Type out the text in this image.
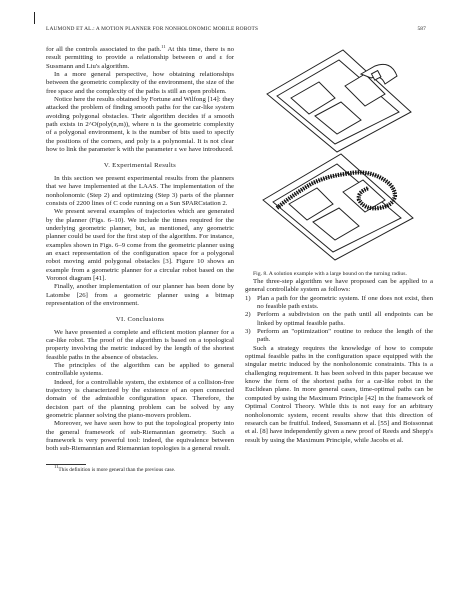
LAUMOND ET AL.: A MOTION PLANNER FOR NONHOLONOMIC MOBILE ROBOTS	587

for all the controls associated to the path.$^{11}$ At this time, there is no result permitting to provide a relationship between σ and ε for Sussmann and Liu's algorithm.

In a more general perspective, how obtaining relationships between the geometric complexity of the environment, the size of the free space and the complexity of the paths is still an open problem.

Notice here the results obtained by Fortune and Wilfong [14]: they attacked the problem of finding smooth paths for the car-like system avoiding polygonal obstacles. Their algorithm decides if a smooth path exists in 2^O(poly(n,m)), where n is the geometric complexity of a polygonal environment, k is the number of bits used to specify the positions of the corners, and poly is a polynomial. It is not clear how to link the parameter k with the parameter ε we have introduced.

V. Experimental Results

In this section we present experimental results from the planners that we have implemented at the LAAS. The implementation of the nonholonomic (Step 2) and optimizing (Step 3) parts of the planner consists of 2200 lines of C code running on a Sun SPARCstation 2.

We present several examples of trajectories which are generated by the planner (Figs. 6–10). We include the times required for the underlying geometric planner, but, as mentioned, any geometric planner could be used for the first step of the algorithm. For instance, examples shown in Figs. 6–9 come from the geometric planner using an exact representation of the configuration space for a polygonal robot moving amid polygonal obstacles [3]. Figure 10 shows an example from a geometric planner for a circular robot based on the Voronoi diagram [41].

Finally, another implementation of our planner has been done by Latombe [26] from a geometric planner using a bitmap representation of the environment.

VI. Conclusions

We have presented a complete and efficient motion planner for a car-like robot. The proof of the algorithm is based on a topological property involving the metric induced by the length of the shortest feasible paths in the absence of obstacles.

The principles of the algorithm can be applied to general controllable systems.

Indeed, for a controllable system, the existence of a collision-free trajectory is characterized by the existence of an open connected domain of the admissible configuration space. Therefore, the decision part of the planning problem can be solved by any geometric planner solving the piano-movers problem.

Moreover, we have seen how to put the topological property into the general framework of sub-Riemannian geometry. Such a framework is very powerful tool: indeed, the equivalence between both sub-Riemannian and Riemannian topologies is a general result.

$^{11}$This definition is more general than the previous case.

Fig. 8. A solution example with a large bound on the turning radius.

The three-step algorithm we have proposed can be applied to a general controllable system as follows:

1) Plan a path for the geometric system. If one does not exist, then no feasible path exists.
2) Perform a subdivision on the path until all endpoints can be linked by optimal feasible paths.
3) Perform an "optimization" routine to reduce the length of the path.

Such a strategy requires the knowledge of how to compute optimal feasible paths in the configuration space equipped with the singular metric induced by the nonholonomic constraints. This is a challenging requirement. It has been solved in this paper because we know the form of the shortest paths for a car-like robot in the Euclidean plane. In more general cases, time-optimal paths can be computed by using the Maximum Principle [42] in the framework of Optimal Control Theory. While this is not easy for an arbitrary nonholonomic system, recent results show that this direction of research can be fruitful. Indeed, Sussmann et al. [55] and Boissonnat et al. [8] have independently given a new proof of Reeds and Shepp's result by using the Maximum Principle, while Jacobs et al.
